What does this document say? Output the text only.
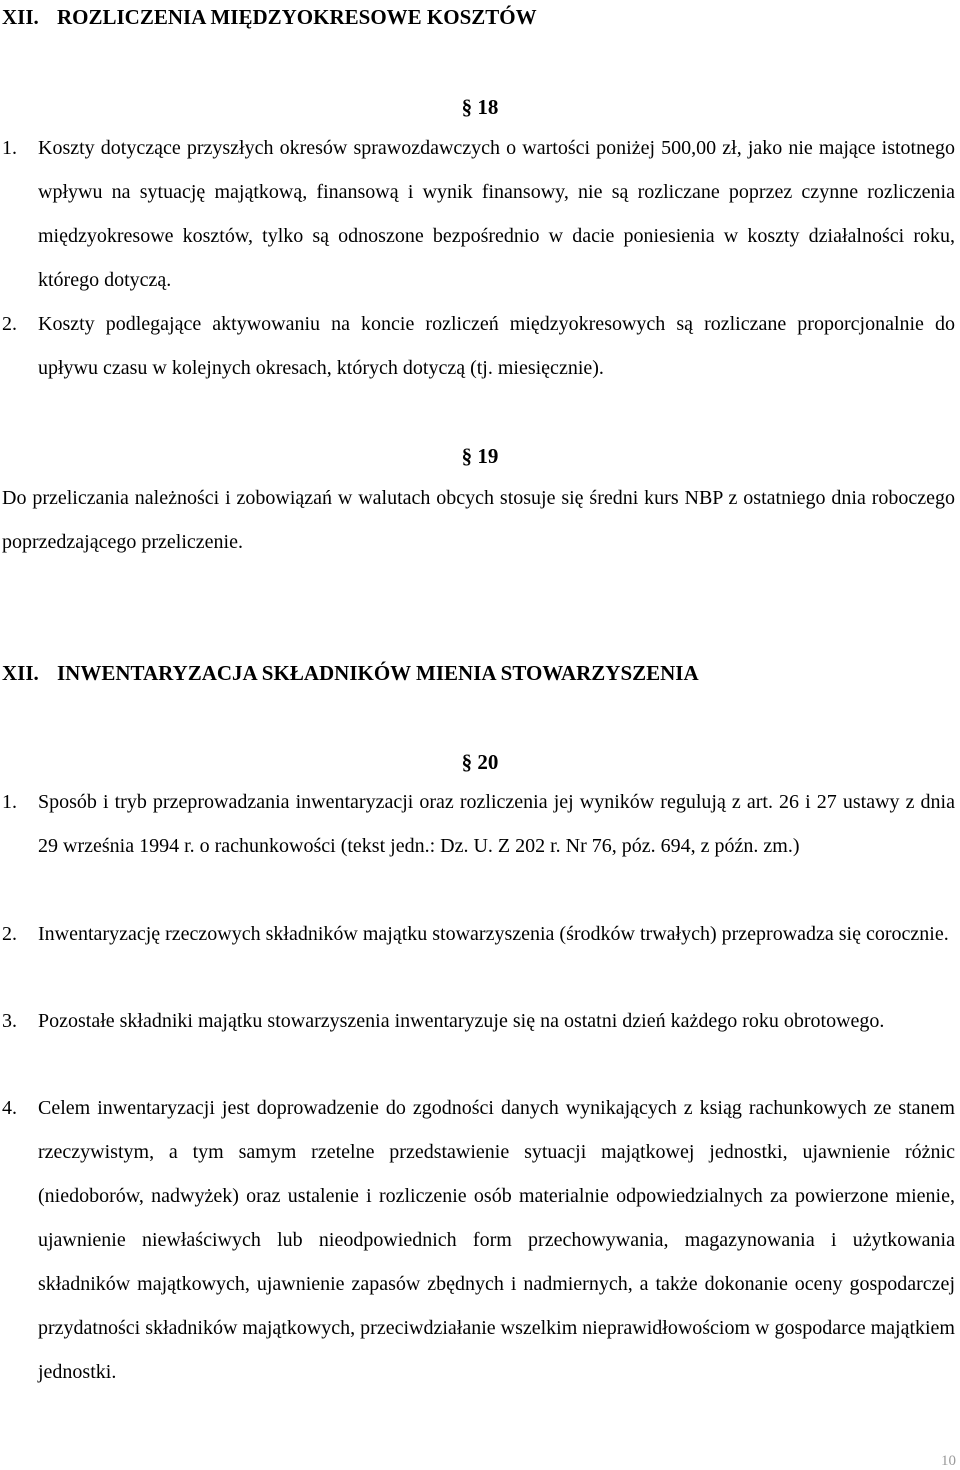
XII. ROZLICZENIA MIĘDZYOKRESOWE KOSZTÓW
§ 18
1.	Koszty dotyczące przyszłych okresów sprawozdawczych o wartości poniżej 500,00 zł, jako nie mające istotnego wpływu na sytuację majątkową, finansową i wynik finansowy, nie są rozliczane poprzez czynne rozliczenia międzyokresowe kosztów, tylko są odnoszone bezpośrednio w dacie poniesienia w koszty działalności roku, którego dotyczą.
2.	Koszty podlegające aktywowaniu na koncie rozliczeń międzyokresowych są rozliczane proporcjonalnie do upływu czasu w kolejnych okresach, których dotyczą (tj. miesięcznie).
§ 19
Do przeliczania należności i zobowiązań w walutach obcych stosuje się średni kurs NBP z ostatniego dnia roboczego poprzedzającego przeliczenie.
XII. INWENTARYZACJA SKŁADNIKÓW MIENIA STOWARZYSZENIA
§ 20
1.	Sposób i tryb przeprowadzania inwentaryzacji oraz rozliczenia jej wyników regulują z art. 26 i 27 ustawy z dnia 29 września 1994 r. o rachunkowości (tekst jedn.: Dz. U. Z 202 r. Nr 76, póz. 694, z późn. zm.)
2.	Inwentaryzację rzeczowych składników majątku stowarzyszenia (środków trwałych) przeprowadza się corocznie.
3.	Pozostałe składniki majątku stowarzyszenia inwentaryzuje się na ostatni dzień każdego roku obrotowego.
4.	Celem inwentaryzacji jest doprowadzenie do zgodności danych wynikających z ksiąg rachunkowych ze stanem rzeczywistym, a tym samym rzetelne przedstawienie sytuacji majątkowej jednostki, ujawnienie różnic (niedoborów, nadwyżek) oraz ustalenie i rozliczenie osób materialnie odpowiedzialnych za powierzone mienie, ujawnienie niewłaściwych lub nieodpowiednich form przechowywania, magazynowania i użytkowania składników majątkowych, ujawnienie zapasów zbędnych i nadmiernych, a także dokonanie oceny gospodarczej przydatności składników majątkowych, przeciwdziałanie wszelkim nieprawidłowościom w gospodarce majątkiem jednostki.
10
